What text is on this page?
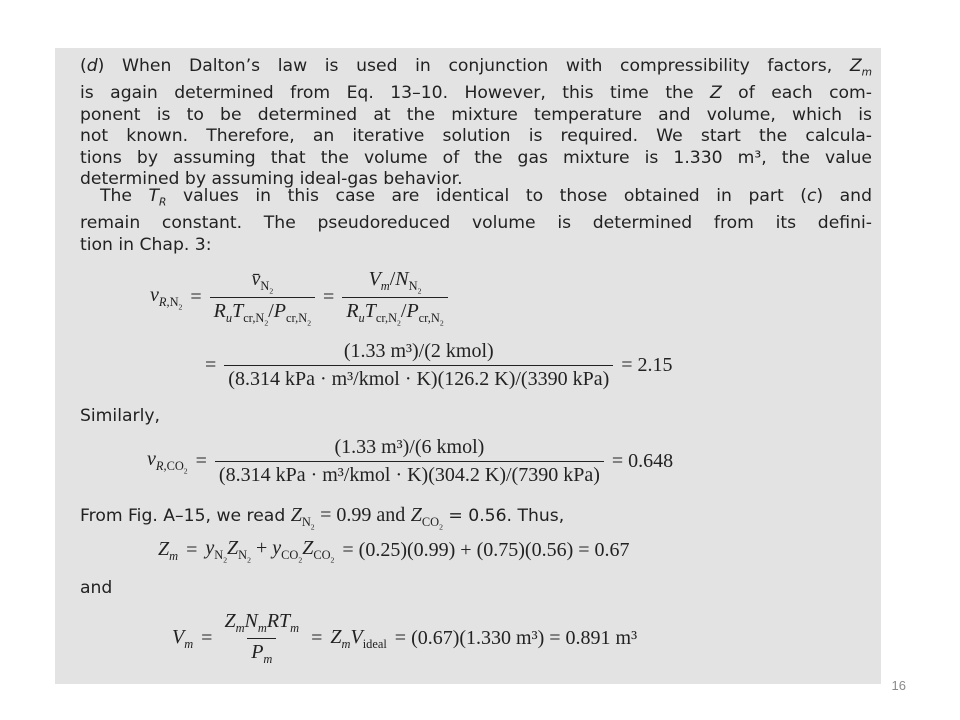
(d) When Dalton’s law is used in conjunction with compressibility factors, $Z_m$
is again determined from Eq. 13–10. However, this time the Z of each com-
ponent is to be determined at the mixture temperature and volume, which is
not known. Therefore, an iterative solution is required. We start the calcula-
tions by assuming that the volume of the gas mixture is 1.330 m³, the value
determined by assuming ideal-gas behavior.
The $T_R$ values in this case are identical to those obtained in part (c) and
remain constant. The pseudoreduced volume is determined from its defini-
tion in Chap. 3:
$v_{R,N_2} = \frac{v̄_{N_2}}{R_uT_{cr,N_2}/P_{cr,N_2}} = \frac{V_m/N_{N_2}}{R_uT_{cr,N_2}/P_{cr,N_2}}$
= $\frac{\text{(1.33 m³)/(2 kmol)}}{\text{(8.314 kPa · m³/kmol · K)(126.2 K)/(3390 kPa)}} = 2.15$
Similarly,
$v_{R,CO_2} = \frac{\text{(1.33 m³)/(6 kmol)}}{\text{(8.314 kPa · m³/kmol · K)(304.2 K)/(7390 kPa)}} = 0.648$
From Fig. A–15, we read $Z_{N_2} = 0.99$ and $Z_{CO_2} = 0.56$. Thus,
$Z_m = y_{N_2}Z_{N_2} + y_{CO_2}Z_{CO_2} = (0.25)(0.99) + (0.75)(0.56) = 0.67$
and
$V_m = \frac{Z_mN_mRT_m}{P_m} = Z_mV_{ideal} = (0.67)(1.330$ m³) = 0.891 m³
16
